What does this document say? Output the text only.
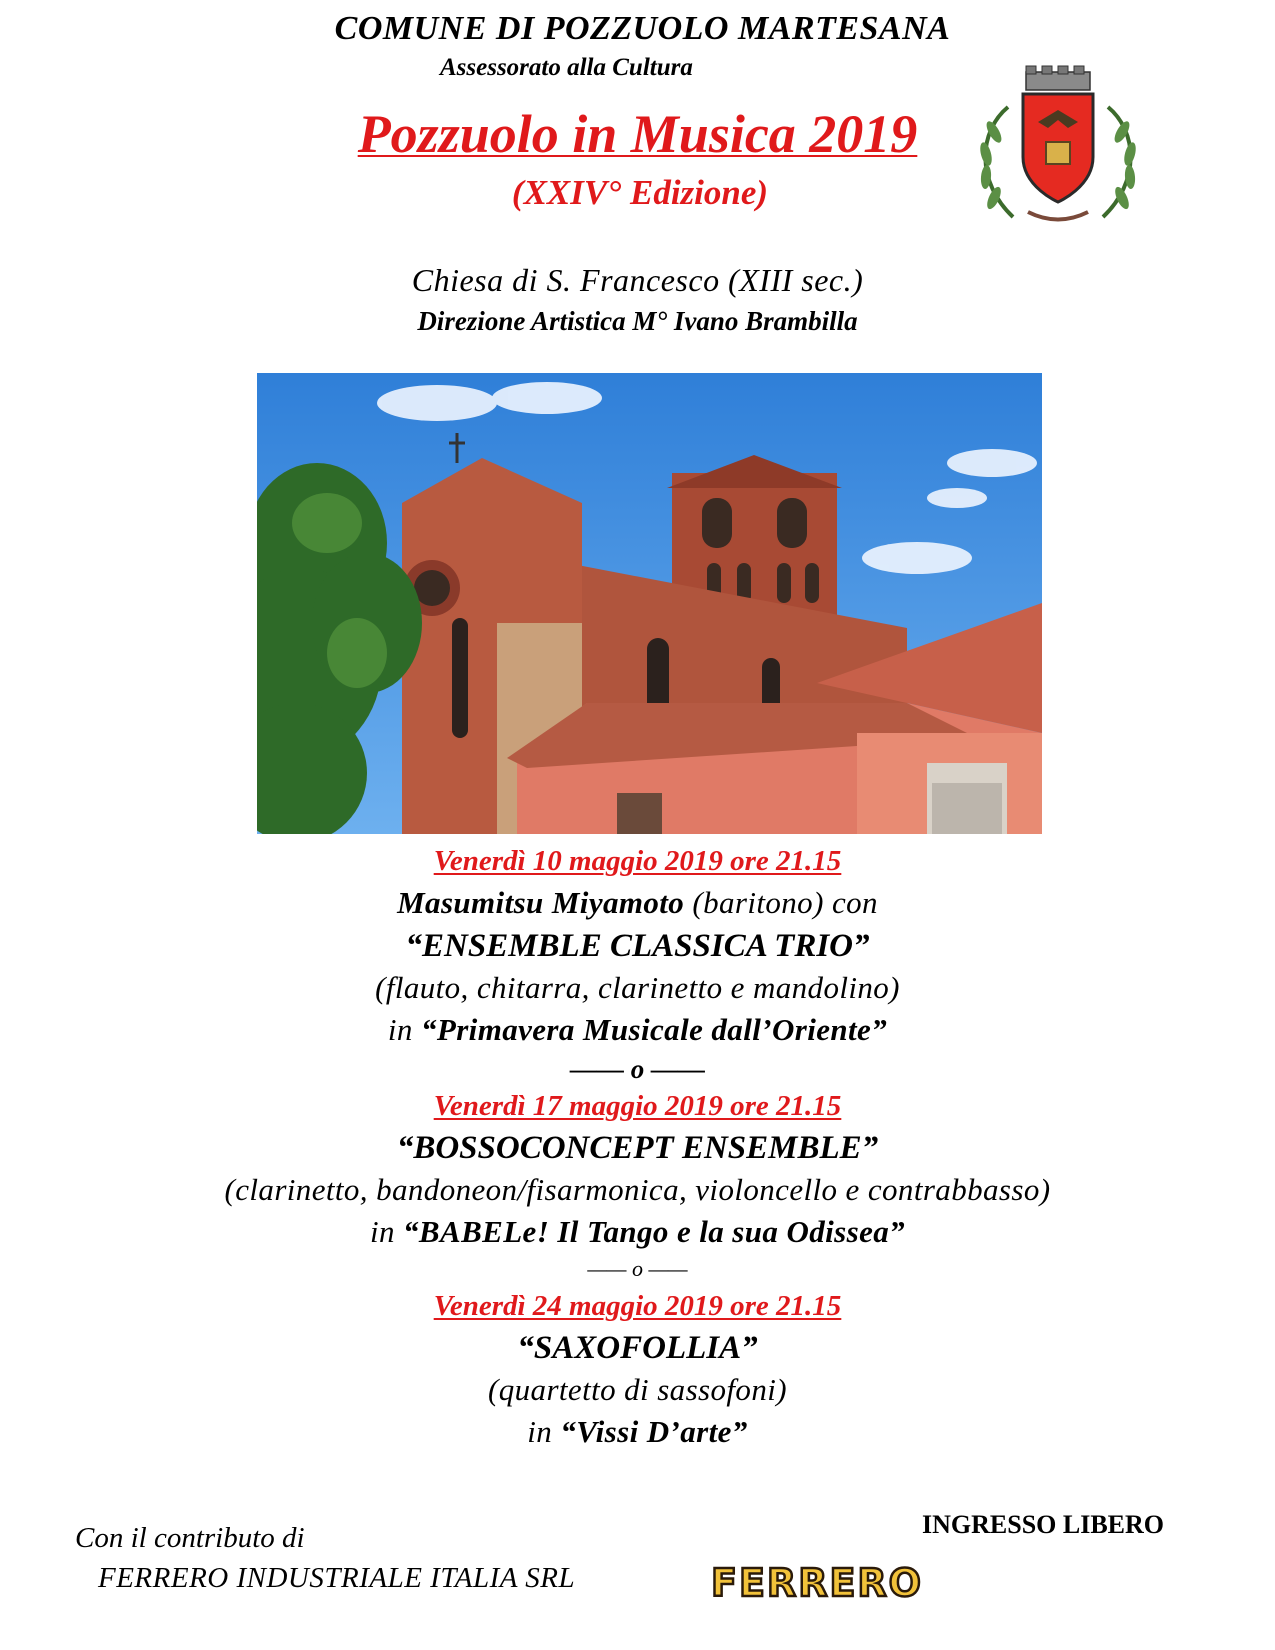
COMUNE DI POZZUOLO MARTESANA
Assessorato alla Cultura
Pozzuolo in Musica 2019
(XXIV° Edizione)
Chiesa di S. Francesco (XIII sec.)
Direzione Artistica M° Ivano Brambilla
Venerdì 10 maggio 2019 ore 21.15
Masumitsu Miyamoto (baritono) con
“ENSEMBLE CLASSICA TRIO”
(flauto, chitarra, clarinetto e mandolino)
in “Primavera Musicale dall’Oriente”
—— o ——
Venerdì 17 maggio 2019 ore 21.15
“BOSSOCONCEPT ENSEMBLE”
(clarinetto, bandoneon/fisarmonica, violoncello e contrabbasso)
in “BABELe! Il Tango e la sua Odissea”
—— o ——
Venerdì 24 maggio 2019 ore 21.15
“SAXOFOLLIA”
(quartetto di sassofoni)
in “Vissi D’arte”
Con il contributo di
FERRERO INDUSTRIALE ITALIA SRL
INGRESSO LIBERO
FERRERO
